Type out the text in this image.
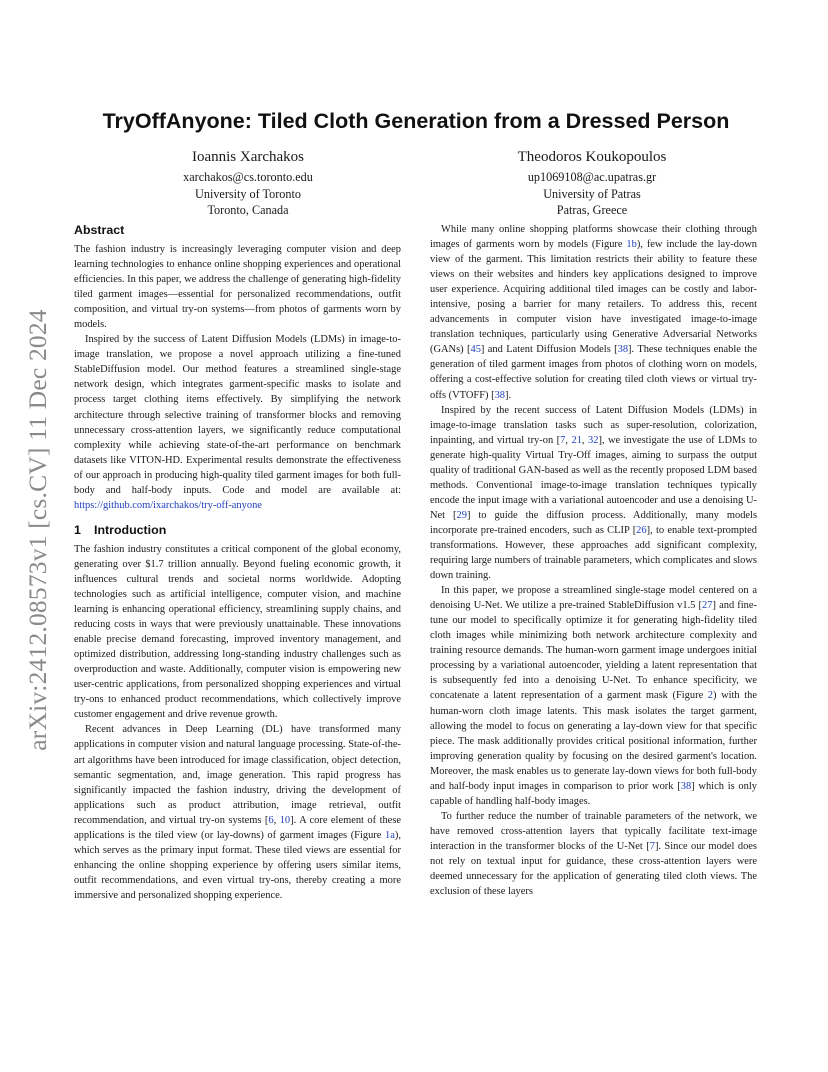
arXiv:2412.08573v1 [cs.CV] 11 Dec 2024
TryOffAnyone: Tiled Cloth Generation from a Dressed Person
Ioannis Xarchakos
xarchakos@cs.toronto.edu
University of Toronto
Toronto, Canada
Theodoros Koukopoulos
up1069108@ac.upatras.gr
University of Patras
Patras, Greece
Abstract

The fashion industry is increasingly leveraging computer vision and deep learning technologies to enhance online shopping experiences and operational efficiencies. In this paper, we address the challenge of generating high-fidelity tiled garment images—essential for personalized recommendations, outfit composition, and virtual try-on systems—from photos of garments worn by models.

Inspired by the success of Latent Diffusion Models (LDMs) in image-to-image translation, we propose a novel approach utilizing a fine-tuned StableDiffusion model. Our method features a streamlined single-stage network design, which integrates garment-specific masks to isolate and process target clothing items effectively. By simplifying the network architecture through selective training of transformer blocks and removing unnecessary cross-attention layers, we significantly reduce computational complexity while achieving state-of-the-art performance on benchmark datasets like VITON-HD. Experimental results demonstrate the effectiveness of our approach in producing high-quality tiled garment images for both full-body and half-body inputs. Code and model are available at: https://github.com/ixarchakos/try-off-anyone

1 Introduction

The fashion industry constitutes a critical component of the global economy, generating over $1.7 trillion annually. Beyond fueling economic growth, it influences cultural trends and societal norms worldwide. Adopting technologies such as artificial intelligence, computer vision, and machine learning is enhancing operational efficiency, streamlining supply chains, and reducing costs in ways that were previously unattainable. These innovations enable precise demand forecasting, improved inventory management, and optimized distribution, addressing long-standing industry challenges such as overproduction and waste. Additionally, computer vision is empowering new user-centric applications, from personalized shopping experiences and virtual try-ons to enhanced product recommendations, which collectively improve customer engagement and drive revenue growth.

Recent advances in Deep Learning (DL) have transformed many applications in computer vision and natural language processing. State-of-the-art algorithms have been introduced for image classification, object detection, semantic segmentation, and, image generation. This rapid progress has significantly impacted the fashion industry, driving the development of applications such as product attribution, image retrieval, outfit recommendation, and virtual try-on systems [6, 10]. A core element of these applications is the tiled view (or lay-downs) of garment images (Figure 1a), which serves as the primary input format. These tiled views are essential for enhancing the online shopping experience by offering users similar items, outfit recommendations, and even virtual try-ons, thereby creating a more immersive and personalized shopping experience.

While many online shopping platforms showcase their clothing through images of garments worn by models (Figure 1b), few include the lay-down view of the garment. This limitation restricts their ability to feature these views on their websites and hinders key applications designed to improve user experience. Acquiring additional tiled images can be costly and labor-intensive, posing a barrier for many retailers. To address this, recent advancements in computer vision have investigated image-to-image translation techniques, particularly using Generative Adversarial Networks (GANs) [45] and Latent Diffusion Models [38]. These techniques enable the generation of tiled garment images from photos of clothing worn on models, offering a cost-effective solution for creating tiled cloth views or virtual try-offs (VTOFF) [38].

Inspired by the recent success of Latent Diffusion Models (LDMs) in image-to-image translation tasks such as super-resolution, colorization, inpainting, and virtual try-on [7, 21, 32], we investigate the use of LDMs to generate high-quality Virtual Try-Off images, aiming to surpass the output quality of traditional GAN-based as well as the recently proposed LDM based methods. Conventional image-to-image translation techniques typically encode the input image with a variational autoencoder and use a denoising U-Net [29] to guide the diffusion process. Additionally, many models incorporate pre-trained encoders, such as CLIP [26], to enable text-prompted transformations. However, these approaches add significant complexity, requiring large numbers of trainable parameters, which complicates and slows down training.

In this paper, we propose a streamlined single-stage model centered on a denoising U-Net. We utilize a pre-trained StableDiffusion v1.5 [27] and fine-tune our model to specifically optimize it for generating high-fidelity tiled cloth images while minimizing both network architecture complexity and training resource demands. The human-worn garment image undergoes initial processing by a variational autoencoder, yielding a latent representation that is subsequently fed into a denoising U-Net. To enhance specificity, we concatenate a latent representation of a garment mask (Figure 2) with the human-worn cloth image latents. This mask isolates the target garment, allowing the model to focus on generating a lay-down view for that specific piece. The mask additionally provides critical positional information, further improving generation quality by focusing on the desired garment's location. Moreover, the mask enables us to generate lay-down views for both full-body and half-body input images in comparison to prior work [38] which is only capable of handling half-body images.

To further reduce the number of trainable parameters of the network, we have removed cross-attention layers that typically facilitate text-image interaction in the transformer blocks of the U-Net [7]. Since our model does not rely on textual input for guidance, these cross-attention layers were deemed unnecessary for the application of generating tiled cloth views. The exclusion of these layers
